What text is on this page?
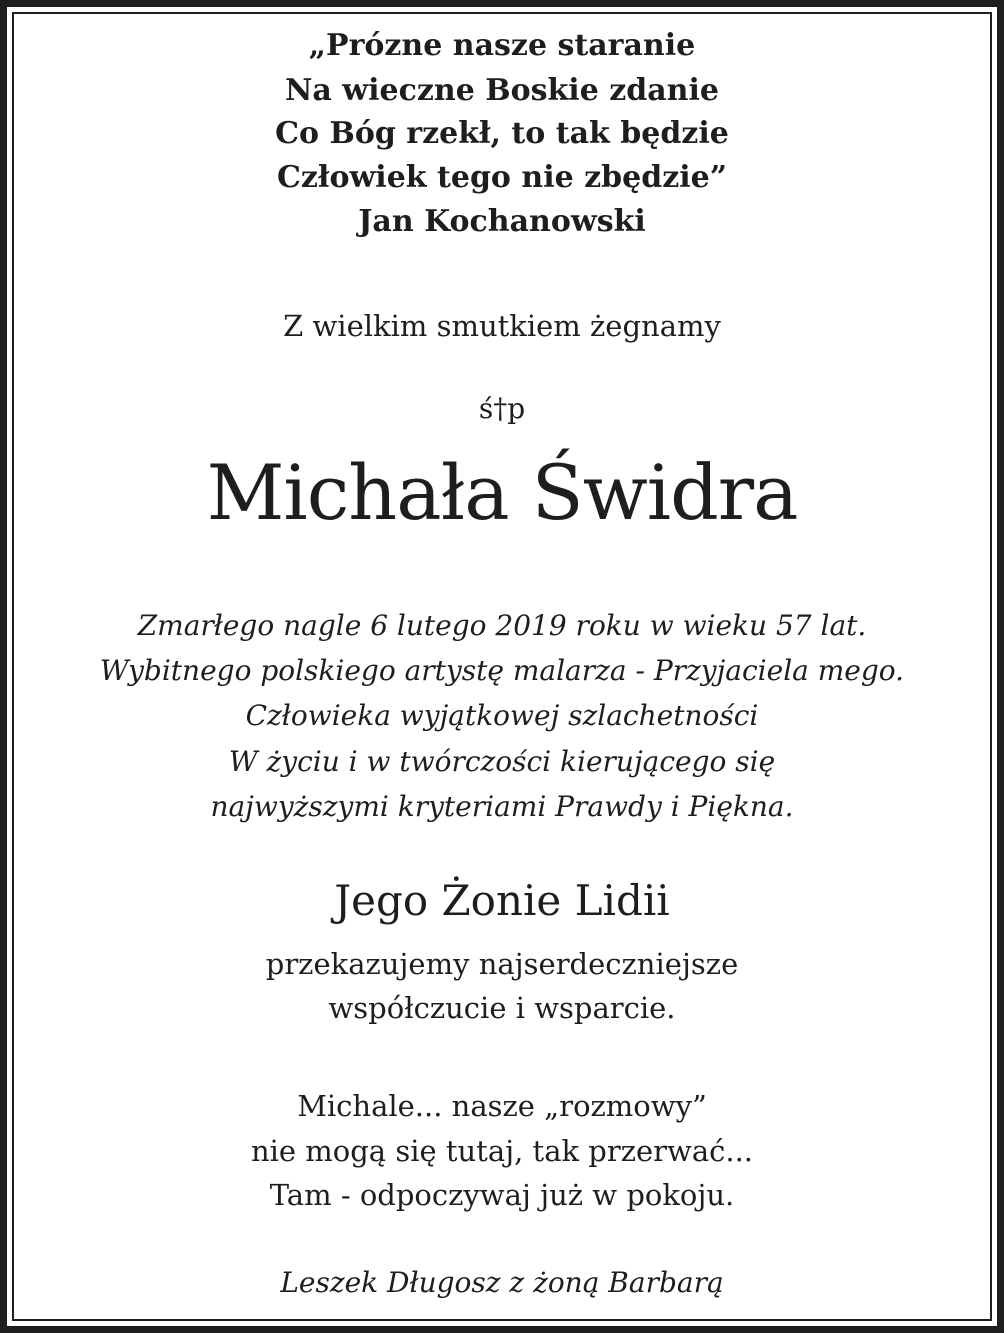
„Prózne nasze staranie

Na wieczne Boskie zdanie

Co Bóg rzekł, to tak będzie

Człowiek tego nie zbędzie”

Jan Kochanowski

Z wielkim smutkiem żegnamy

ś†p

Michała Świdra

Zmarłego nagle 6 lutego 2019 roku w wieku 57 lat.

Wybitnego polskiego artystę malarza - Przyjaciela mego.

Człowieka wyjątkowej szlachetności

W życiu i w twórczości kierującego się

najwyższymi kryteriami Prawdy i Piękna.

Jego Żonie Lidii

przekazujemy najserdeczniejsze

współczucie i wsparcie.

Michale... nasze „rozmowy”

nie mogą się tutaj, tak przerwać...

Tam - odpoczywaj już w pokoju.

Leszek Długosz z żoną Barbarą
